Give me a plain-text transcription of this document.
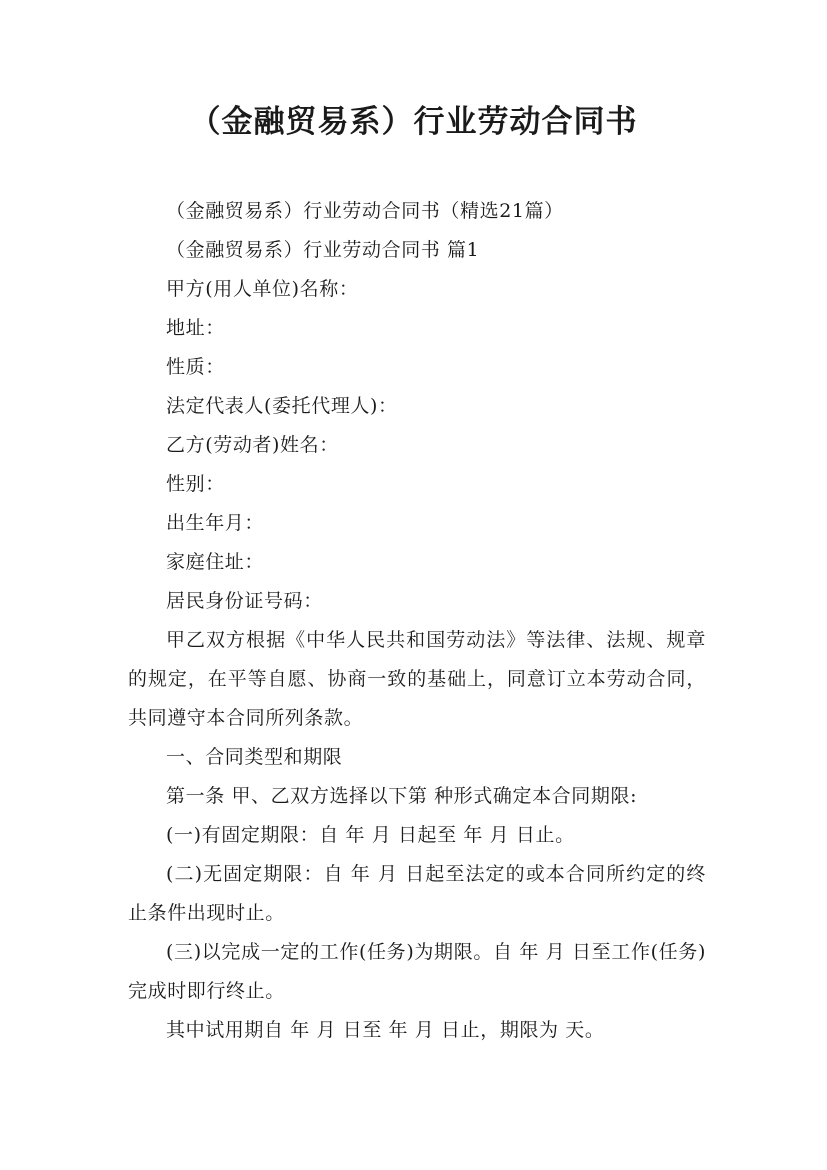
（金融贸易系）行业劳动合同书

（金融贸易系）行业劳动合同书（精选21篇）

（金融贸易系）行业劳动合同书 篇1

甲方(用人单位)名称：

地址：

性质：

法定代表人(委托代理人)：

乙方(劳动者)姓名：

性别：

出生年月：

家庭住址：

居民身份证号码：

甲乙双方根据《中华人民共和国劳动法》等法律、法规、规章的规定，在平等自愿、协商一致的基础上，同意订立本劳动合同，共同遵守本合同所列条款。

一、合同类型和期限

第一条 甲、乙双方选择以下第 种形式确定本合同期限:

(一)有固定期限：自 年 月 日起至 年 月 日止。

(二)无固定期限：自 年 月 日起至法定的或本合同所约定的终止条件出现时止。

(三)以完成一定的工作(任务)为期限。自 年 月 日至工作(任务)完成时即行终止。

其中试用期自 年 月 日至 年 月 日止，期限为 天。
